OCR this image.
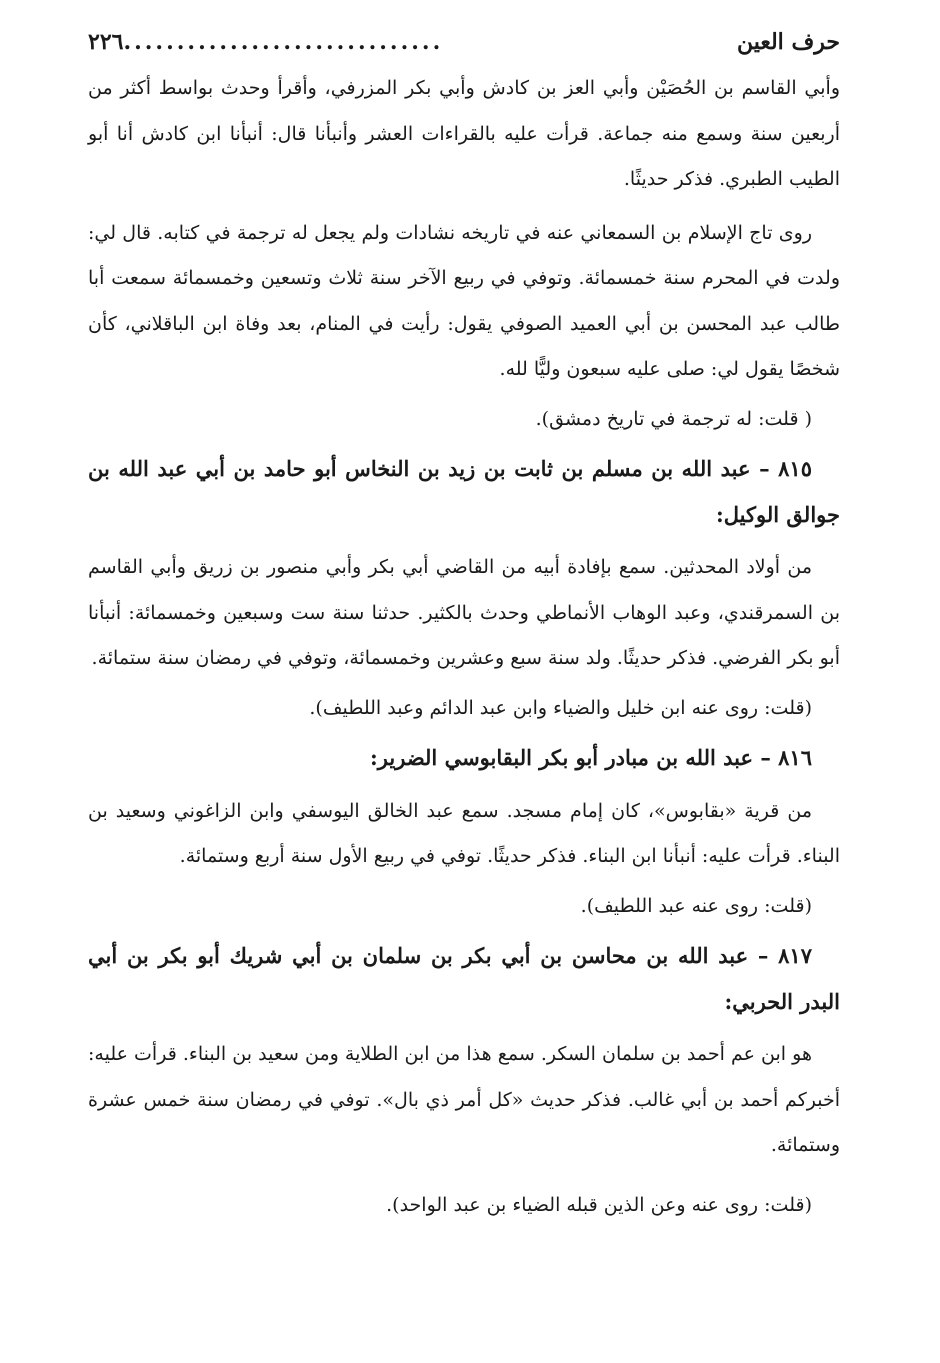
حرف العين
٢٢٦ ..............................

وأبي القاسم بن الحُصَيْن وأبي العز بن كادش وأبي بكر المزرفي، وأقرأ وحدث بواسط أكثر من أربعين سنة وسمع منه جماعة. قرأت عليه بالقراءات العشر وأنبأنا قال: أنبأنا ابن كادش أنا أبو الطيب الطبري. فذكر حديثًا.

روى تاج الإسلام بن السمعاني عنه في تاريخه نشادات ولم يجعل له ترجمة في كتابه. قال لي: ولدت في المحرم سنة خمسمائة. وتوفي في ربيع الآخر سنة ثلاث وتسعين وخمسمائة سمعت أبا طالب عبد المحسن بن أبي العميد الصوفي يقول: رأيت في المنام، بعد وفاة ابن الباقلاني، كأن شخصًا يقول لي: صلى عليه سبعون وليًّا لله.

( قلت: له ترجمة في تاريخ دمشق).

٨١٥ – عبد الله بن مسلم بن ثابت بن زيد بن النخاس أبو حامد بن أبي عبد الله بن جوالق الوكيل:

من أولاد المحدثين. سمع بإفادة أبيه من القاضي أبي بكر وأبي منصور بن زريق وأبي القاسم بن السمرقندي، وعبد الوهاب الأنماطي وحدث بالكثير. حدثنا سنة ست وسبعين وخمسمائة: أنبأنا أبو بكر الفرضي. فذكر حديثًا. ولد سنة سبع وعشرين وخمسمائة، وتوفي في رمضان سنة ستمائة.

(قلت: روى عنه ابن خليل والضياء وابن عبد الدائم وعبد اللطيف).

٨١٦ – عبد الله بن مبادر أبو بكر البقابوسي الضرير:

من قرية «بقابوس»، كان إمام مسجد. سمع عبد الخالق اليوسفي وابن الزاغوني وسعيد بن البناء. قرأت عليه: أنبأنا ابن البناء. فذكر حديثًا. توفي في ربيع الأول سنة أربع وستمائة.

(قلت: روى عنه عبد اللطيف).

٨١٧ – عبد الله بن محاسن بن أبي بكر بن سلمان بن أبي شريك أبو بكر بن أبي البدر الحربي:

هو ابن عم أحمد بن سلمان السكر. سمع هذا من ابن الطلاية ومن سعيد بن البناء. قرأت عليه: أخبركم أحمد بن أبي غالب. فذكر حديث «كل أمر ذي بال». توفي في رمضان سنة خمس عشرة وستمائة.

(قلت: روى عنه وعن الذين قبله الضياء بن عبد الواحد).
